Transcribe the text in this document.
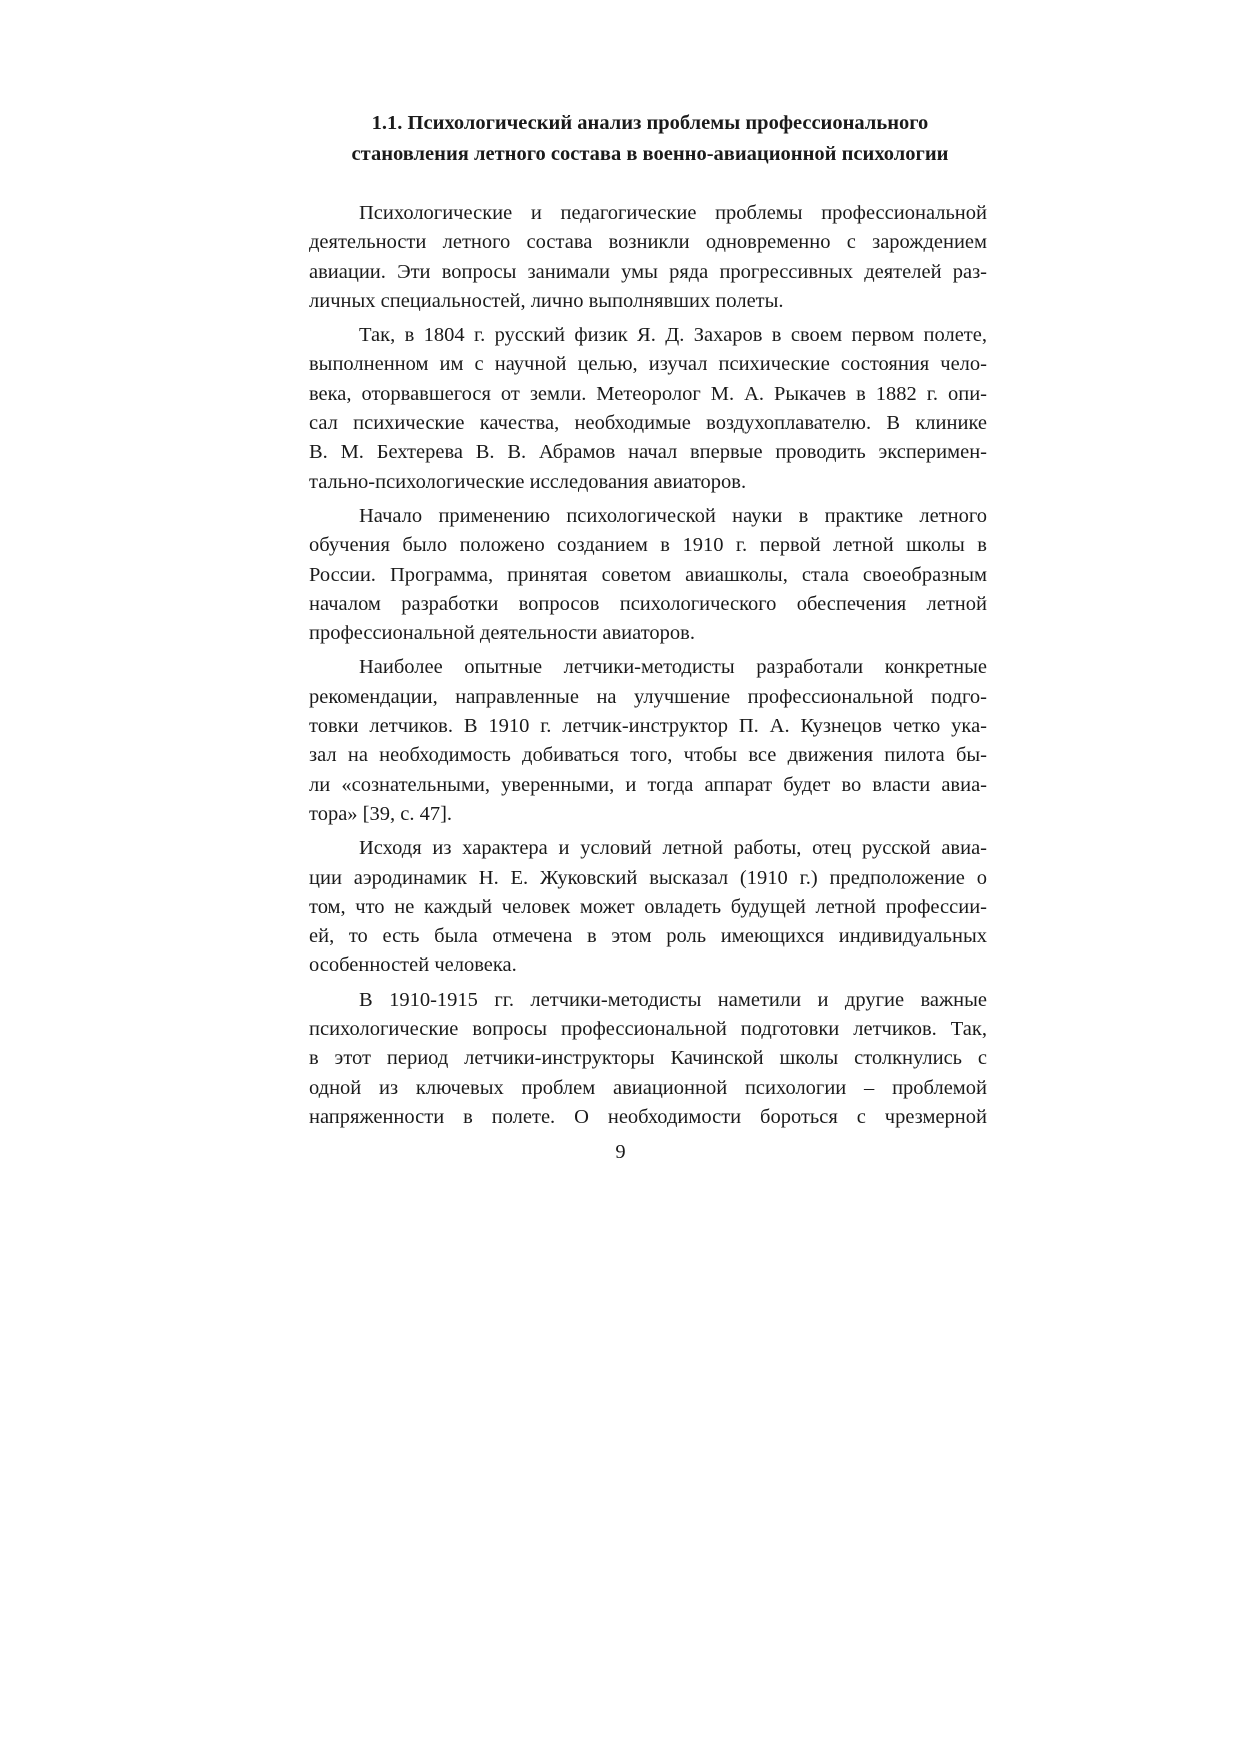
1.1. Психологический анализ проблемы профессионального
становления летного состава в военно-авиационной психологии

Психологические и педагогические проблемы профессиональной
деятельности летного состава возникли одновременно с зарождением
авиации. Эти вопросы занимали умы ряда прогрессивных деятелей раз-
личных специальностей, лично выполнявших полеты.

Так, в 1804 г. русский физик Я. Д. Захаров в своем первом полете,
выполненном им с научной целью, изучал психические состояния чело-
века, оторвавшегося от земли. Метеоролог М. А. Рыкачев в 1882 г. опи-
сал психические качества, необходимые воздухоплавателю. В клинике
В. М. Бехтерева В. В. Абрамов начал впервые проводить эксперимен-
тально-психологические исследования авиаторов.

Начало применению психологической науки в практике летного
обучения было положено созданием в 1910 г. первой летной школы в
России. Программа, принятая советом авиашколы, стала своеобразным
началом разработки вопросов психологического обеспечения летной
профессиональной деятельности авиаторов.

Наиболее опытные летчики-методисты разработали конкретные
рекомендации, направленные на улучшение профессиональной подго-
товки летчиков. В 1910 г. летчик-инструктор П. А. Кузнецов четко ука-
зал на необходимость добиваться того, чтобы все движения пилота бы-
ли «сознательными, уверенными, и тогда аппарат будет во власти авиа-
тора» [39, с. 47].

Исходя из характера и условий летной работы, отец русской авиа-
ции аэродинамик Н. Е. Жуковский высказал (1910 г.) предположение о
том, что не каждый человек может овладеть будущей летной профессии-
ей, то есть была отмечена в этом роль имеющихся индивидуальных
особенностей человека.

В 1910-1915 гг. летчики-методисты наметили и другие важные
психологические вопросы профессиональной подготовки летчиков. Так,
в этот период летчики-инструкторы Качинской школы столкнулись с
одной из ключевых проблем авиационной психологии – проблемой
напряженности в полете. О необходимости бороться с чрезмерной

9
